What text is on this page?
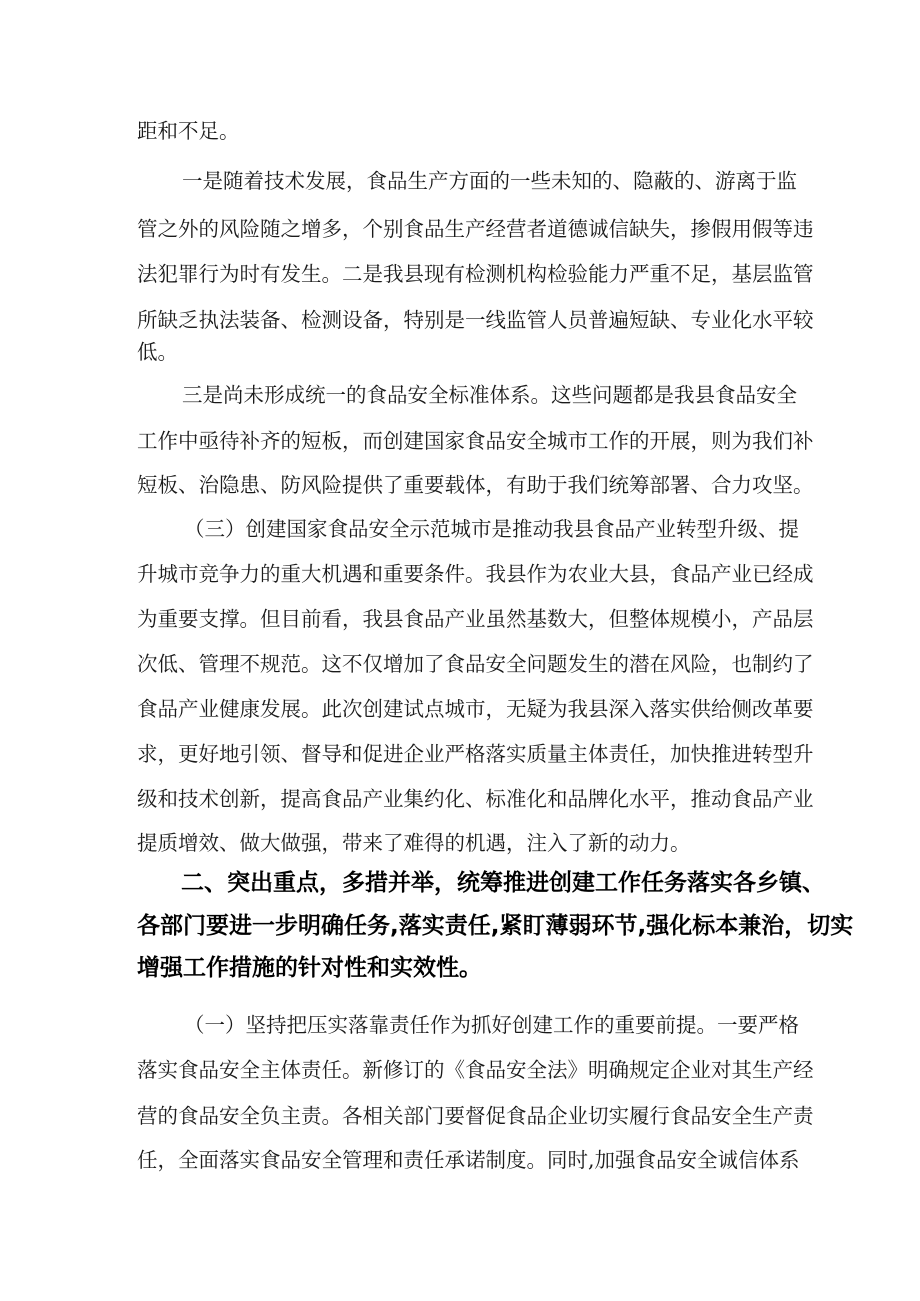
距和不足。
一是随着技术发展，食品生产方面的一些未知的、隐蔽的、游离于监
管之外的风险随之增多，个别食品生产经营者道德诚信缺失，掺假用假等违
法犯罪行为时有发生。二是我县现有检测机构检验能力严重不足，基层监管
所缺乏执法装备、检测设备，特别是一线监管人员普遍短缺、专业化水平较
低。
三是尚未形成统一的食品安全标准体系。这些问题都是我县食品安全
工作中亟待补齐的短板，而创建国家食品安全城市工作的开展，则为我们补
短板、治隐患、防风险提供了重要载体，有助于我们统筹部署、合力攻坚。
（三）创建国家食品安全示范城市是推动我县食品产业转型升级、提
升城市竞争力的重大机遇和重要条件。我县作为农业大县，食品产业已经成
为重要支撑。但目前看，我县食品产业虽然基数大，但整体规模小，产品层
次低、管理不规范。这不仅增加了食品安全问题发生的潜在风险，也制约了
食品产业健康发展。此次创建试点城市，无疑为我县深入落实供给侧改革要
求，更好地引领、督导和促进企业严格落实质量主体责任，加快推进转型升
级和技术创新，提高食品产业集约化、标准化和品牌化水平，推动食品产业
提质增效、做大做强，带来了难得的机遇，注入了新的动力。
二、突出重点，多措并举，统筹推进创建工作任务落实各乡镇、
各部门要进一步明确任务,落实责任,紧盯薄弱环节,强化标本兼治，切实
增强工作措施的针对性和实效性。
（一）坚持把压实落靠责任作为抓好创建工作的重要前提。一要严格
落实食品安全主体责任。新修订的《食品安全法》明确规定企业对其生产经
营的食品安全负主责。各相关部门要督促食品企业切实履行食品安全生产责
任，全面落实食品安全管理和责任承诺制度。同时,加强食品安全诚信体系
